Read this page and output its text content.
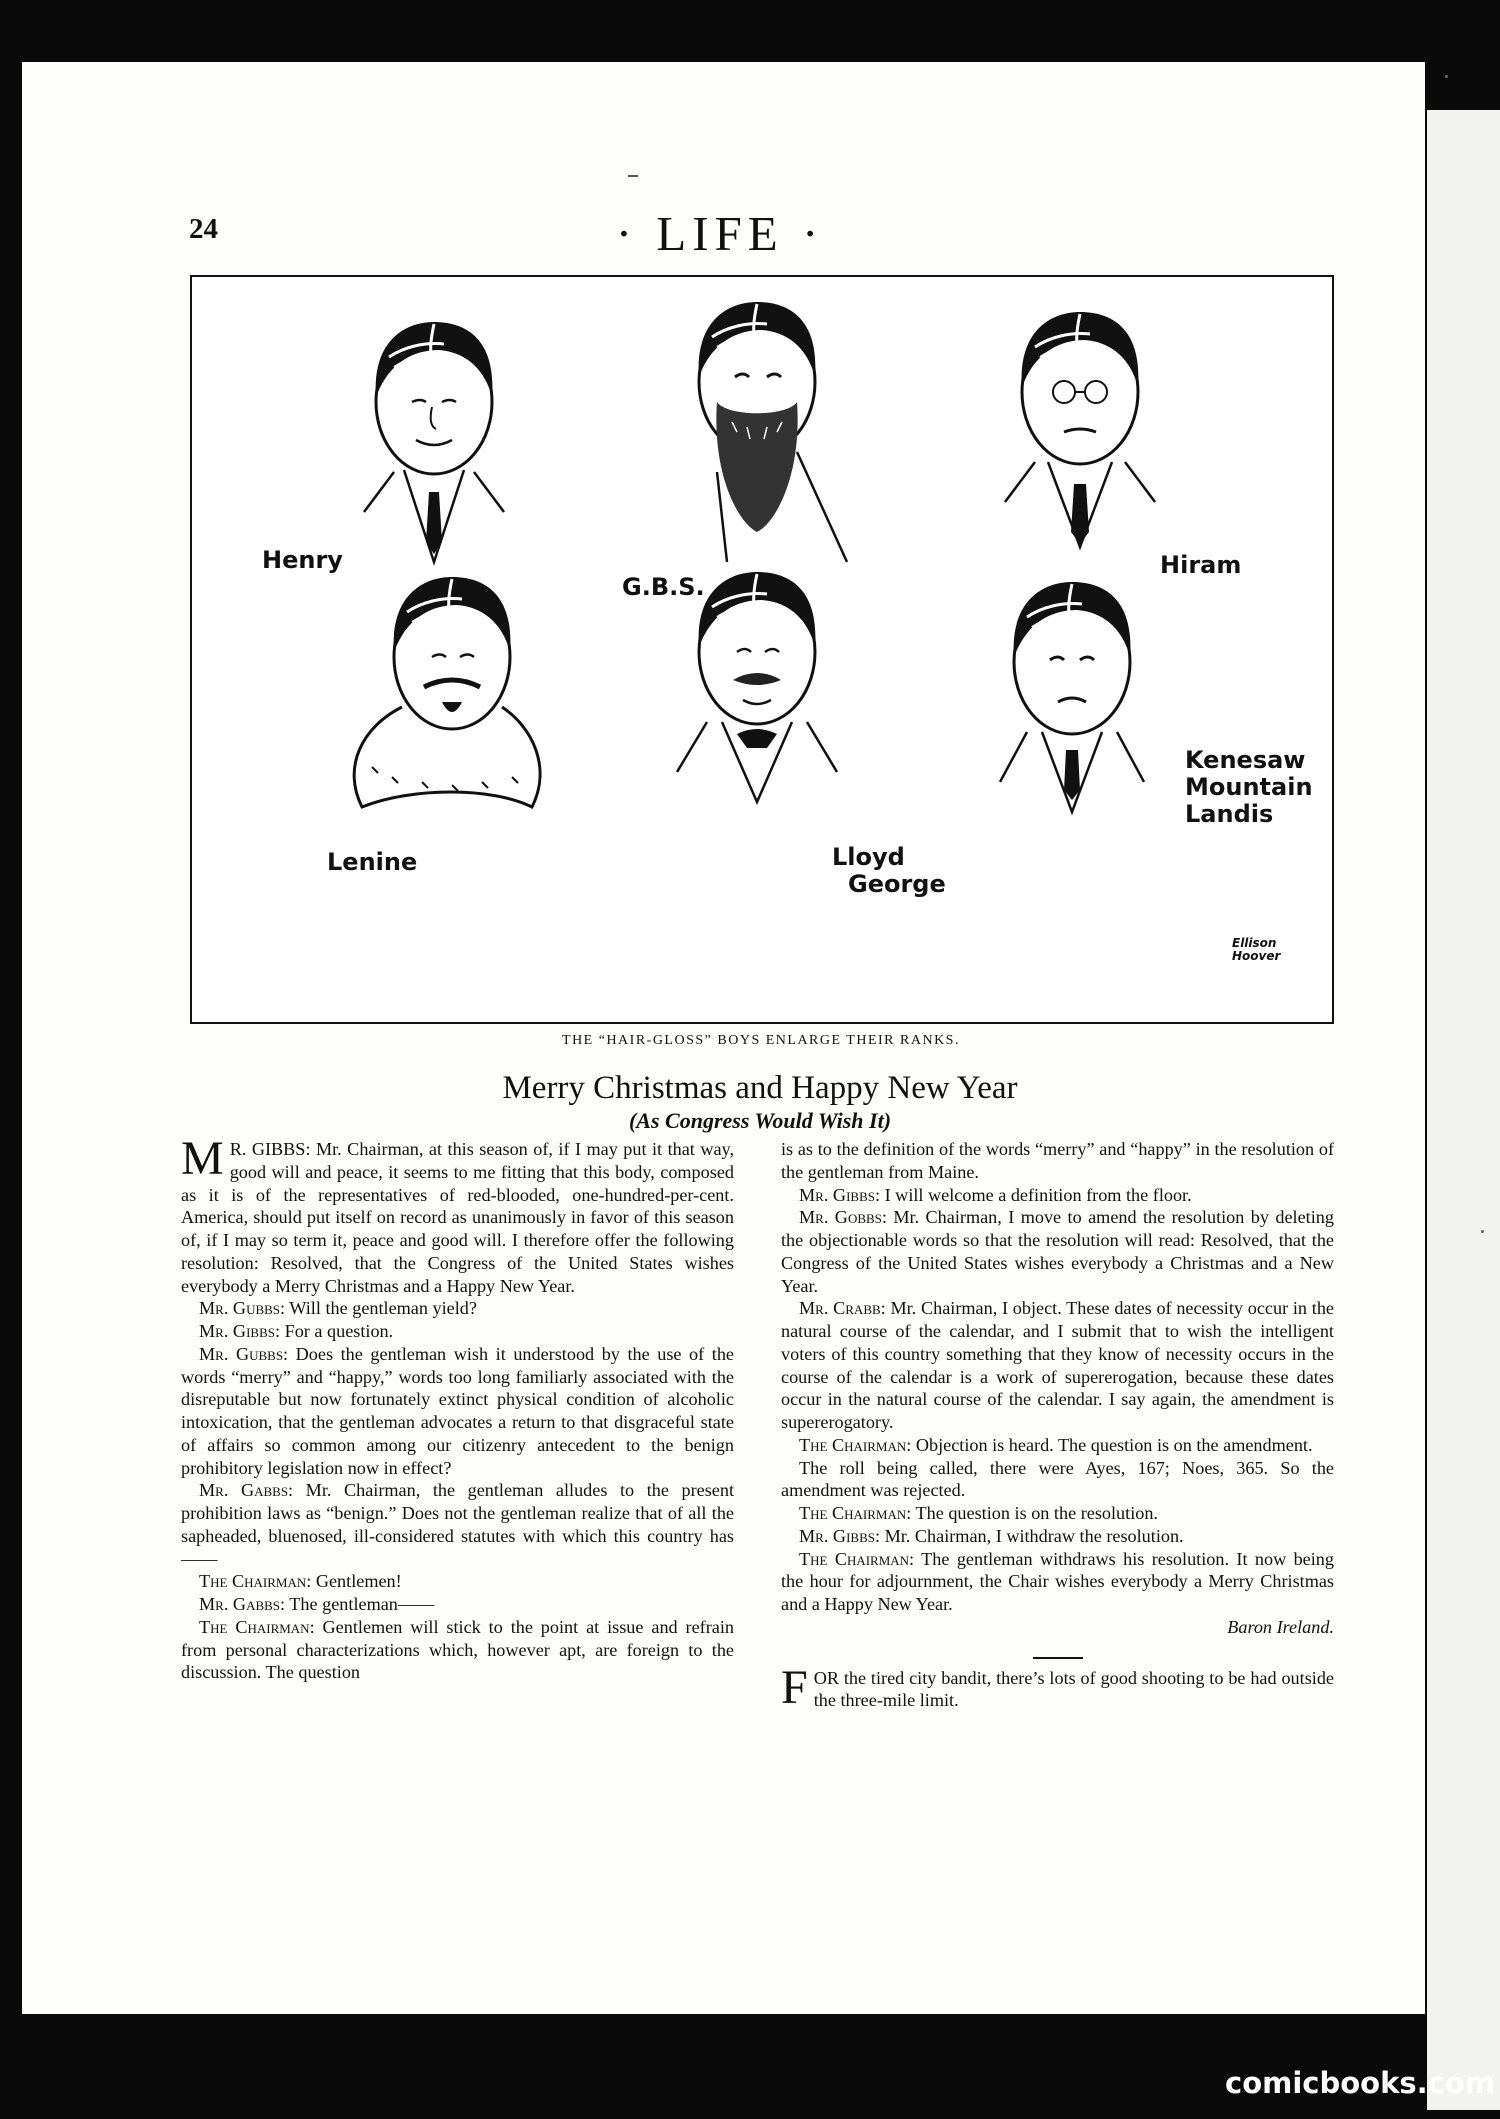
24	· LIFE ·
Henry
G.B.S.
Hiram
Lenine	Lloyd
George
Kenesaw
Mountain
Landis
Ellison
Hoover
THE “HAIR-GLOSS” BOYS ENLARGE THEIR RANKS.
Merry Christmas and Happy New Year
(As Congress Would Wish It)

M R. GIBBS: Mr. Chairman, at this season of, if I may put it that way, good will and peace, it seems to me fitting that this body, composed as it is of the representatives of red-blooded, one-hundred-per-cent. America, should put itself on record as unanimously in favor of this season of, if I may so term it, peace and good will. I therefore offer the following resolution: Resolved, that the Congress of the United States wishes everybody a Merry Christmas and a Happy New Year.

Mr. Gubbs: Will the gentleman yield?

Mr. Gibbs: For a question.

Mr. Gubbs: Does the gentleman wish it understood by the use of the words “merry” and “happy,” words too long familiarly associated with the disreputable but now fortunately extinct physical condition of alcoholic intoxication, that the gentleman advocates a return to that disgraceful state of affairs so common among our citizenry antecedent to the benign prohibitory legislation now in effect?

Mr. Gabbs: Mr. Chairman, the gentleman alludes to the present prohibition laws as “benign.” Does not the gentleman realize that of all the sapheaded, bluenosed, ill-considered statutes with which this country has——

The Chairman: Gentlemen!

Mr. Gabbs: The gentleman——

The Chairman: Gentlemen will stick to the point at issue and refrain from personal characterizations which, however apt, are foreign to the discussion. The question

is as to the definition of the words “merry” and “happy” in the resolution of the gentleman from Maine.

Mr. Gibbs: I will welcome a definition from the floor.

Mr. Gobbs: Mr. Chairman, I move to amend the resolution by deleting the objectionable words so that the resolution will read: Resolved, that the Congress of the United States wishes everybody a Christmas and a New Year.

Mr. Crabb: Mr. Chairman, I object. These dates of necessity occur in the natural course of the calendar, and I submit that to wish the intelligent voters of this country something that they know of necessity occurs in the course of the calendar is a work of supererogation, because these dates occur in the natural course of the calendar. I say again, the amendment is supererogatory.

The Chairman: Objection is heard. The question is on the amendment.

The roll being called, there were Ayes, 167; Noes, 365. So the amendment was rejected.

The Chairman: The question is on the resolution.

Mr. Gibbs: Mr. Chairman, I withdraw the resolution.

The Chairman: The gentleman withdraws his resolution. It now being the hour for adjournment, the Chair wishes everybody a Merry Christmas and a Happy New Year.

Baron Ireland.

FOR the tired city bandit, there’s lots of good shooting to be had outside the three-mile limit.

comicbooks.com
